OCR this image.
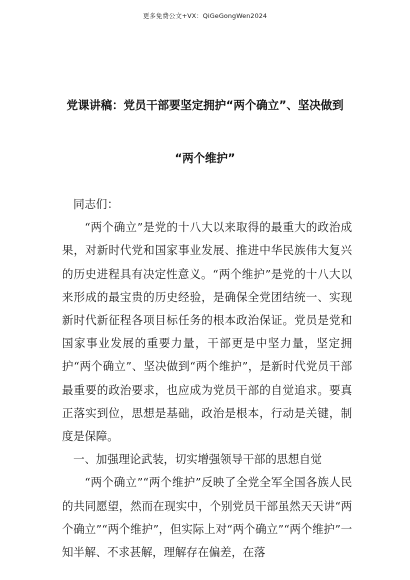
更多免费公文+VX：QiGeGongWen2024
党课讲稿：党员干部要坚定拥护“两个确立”、坚决做到
“两个维护”

同志们：

“两个确立”是党的十八大以来取得的最重大的政治成果，对新时代党和国家事业发展、推进中华民族伟大复兴的历史进程具有决定性意义。“两个维护”是党的十八大以来形成的最宝贵的历史经验，是确保全党团结统一、实现新时代新征程各项目标任务的根本政治保证。党员是党和国家事业发展的重要力量，干部更是中坚力量，坚定拥护“两个确立”、坚决做到“两个维护”，是新时代党员干部最重要的政治要求，也应成为党员干部的自觉追求。要真正落实到位，思想是基础，政治是根本，行动是关键，制度是保障。

一、加强理论武装，切实增强领导干部的思想自觉

“两个确立”“两个维护”反映了全党全军全国各族人民的共同愿望，然而在现实中，个别党员干部虽然天天讲“两个确立”“两个维护”，但实际上对“两个确立”“两个维护”一知半解、不求甚解，理解存在偏差，在落
